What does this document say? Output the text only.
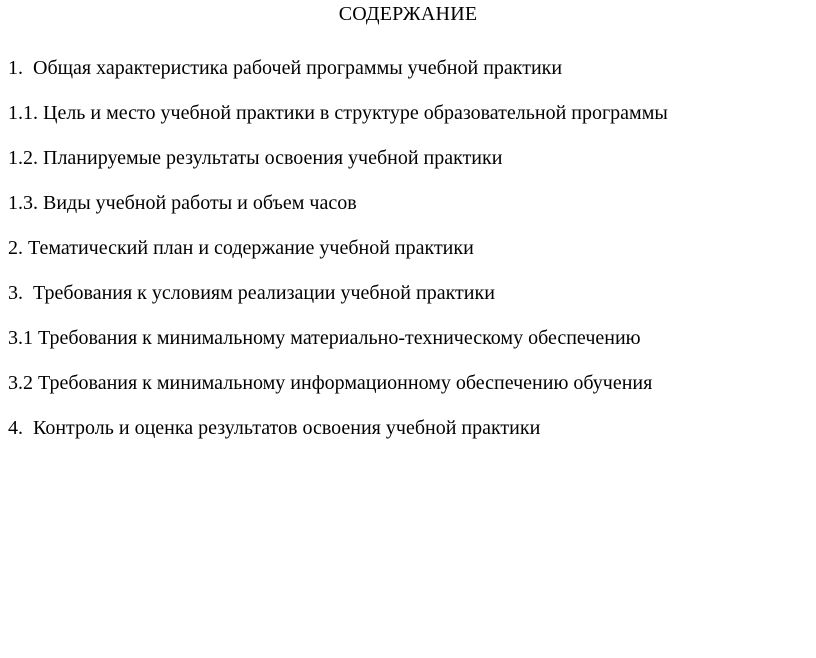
СОДЕРЖАНИЕ
1.  Общая характеристика рабочей программы учебной практики
1.1. Цель и место учебной практики в структуре образовательной программы
1.2. Планируемые результаты освоения учебной практики
1.3. Виды учебной работы и объем часов
2. Тематический план и содержание учебной практики
3.  Требования к условиям реализации учебной практики
3.1 Требования к минимальному материально-техническому обеспечению
3.2 Требования к минимальному информационному обеспечению обучения
4.  Контроль и оценка результатов освоения учебной практики
